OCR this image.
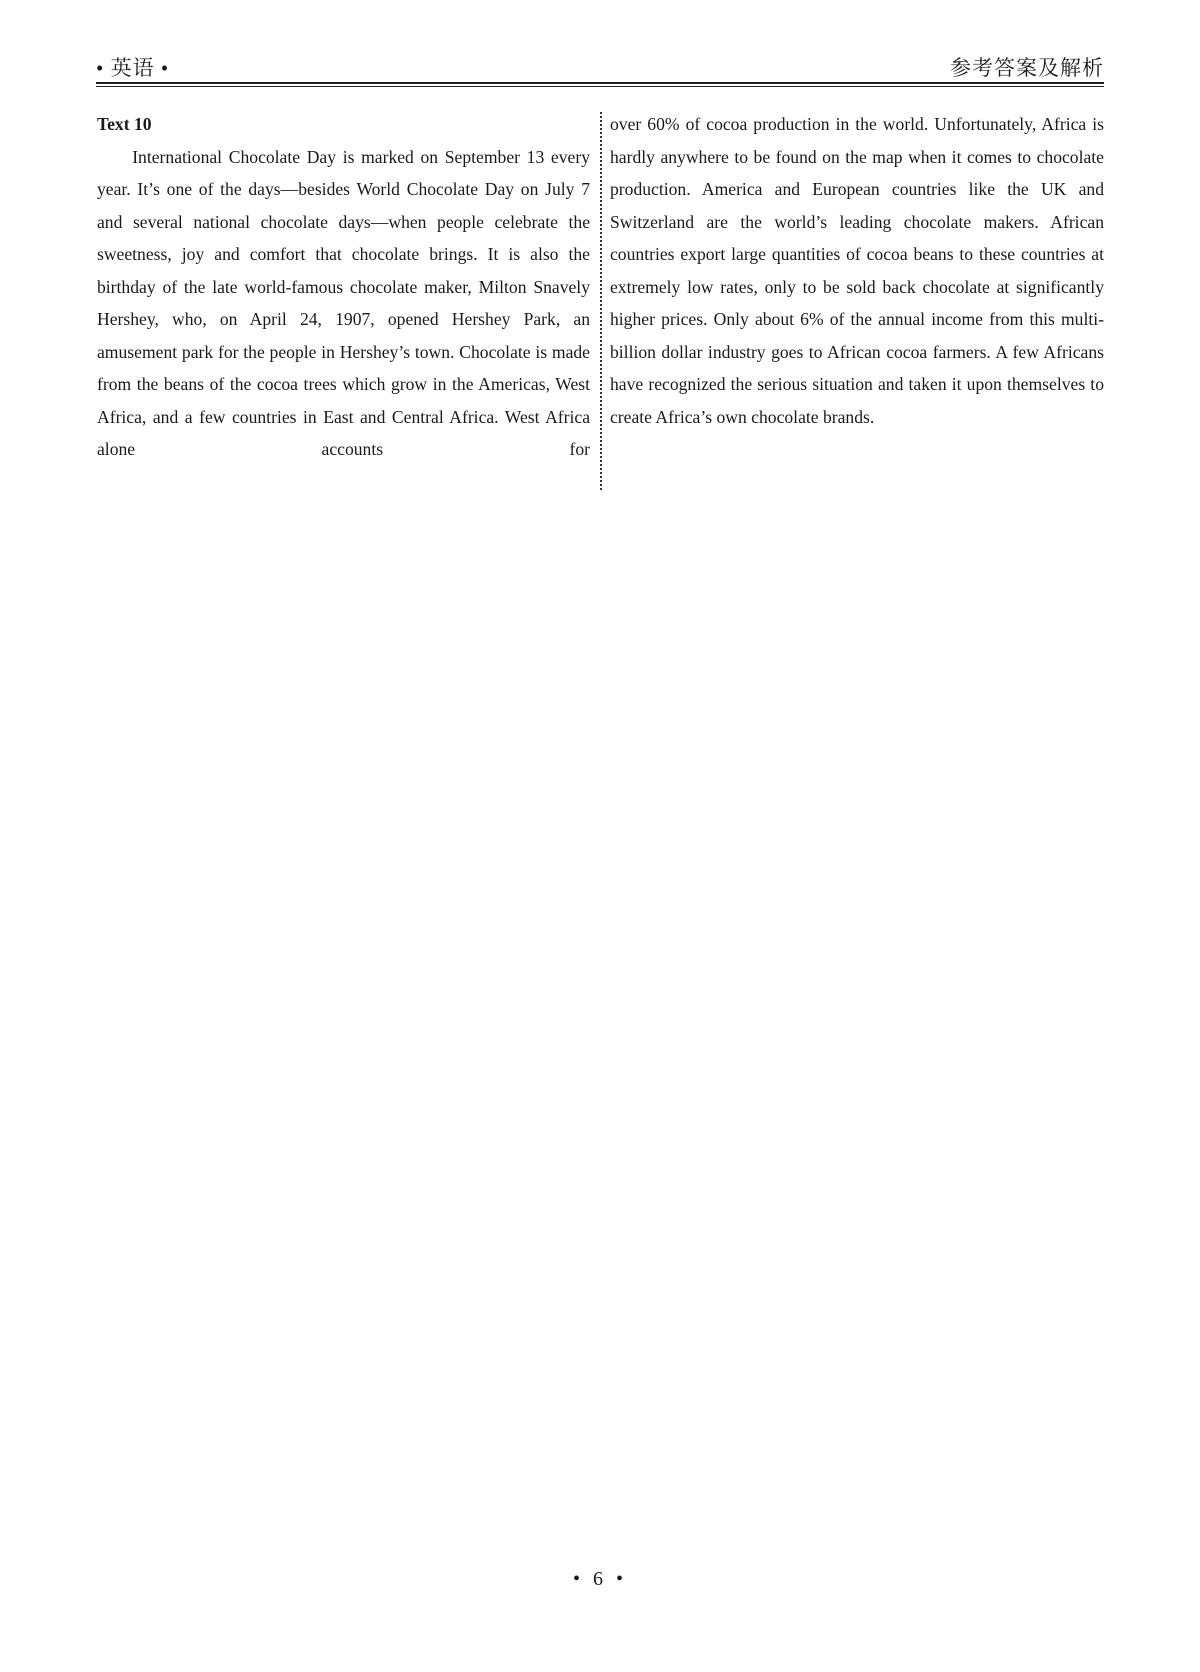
• 英语 •	参考答案及解析
Text 10
International Chocolate Day is marked on September 13 every year. It’s one of the days—besides World Chocolate Day on July 7 and several national chocolate days—when people celebrate the sweetness, joy and comfort that chocolate brings. It is also the birthday of the late world-famous chocolate maker, Milton Snavely Hershey, who, on April 24, 1907, opened Hershey Park, an amusement park for the people in Hershey’s town. Chocolate is made from the beans of the cocoa trees which grow in the Americas, West Africa, and a few countries in East and Central Africa. West Africa alone accounts for
over 60% of cocoa production in the world. Unfortunately, Africa is hardly anywhere to be found on the map when it comes to chocolate production. America and European countries like the UK and Switzerland are the world’s leading chocolate makers. African countries export large quantities of cocoa beans to these countries at extremely low rates, only to be sold back chocolate at significantly higher prices. Only about 6% of the annual income from this multi-billion dollar industry goes to African cocoa farmers. A few Africans have recognized the serious situation and taken it upon themselves to create Africa’s own chocolate brands.
• 6 •
